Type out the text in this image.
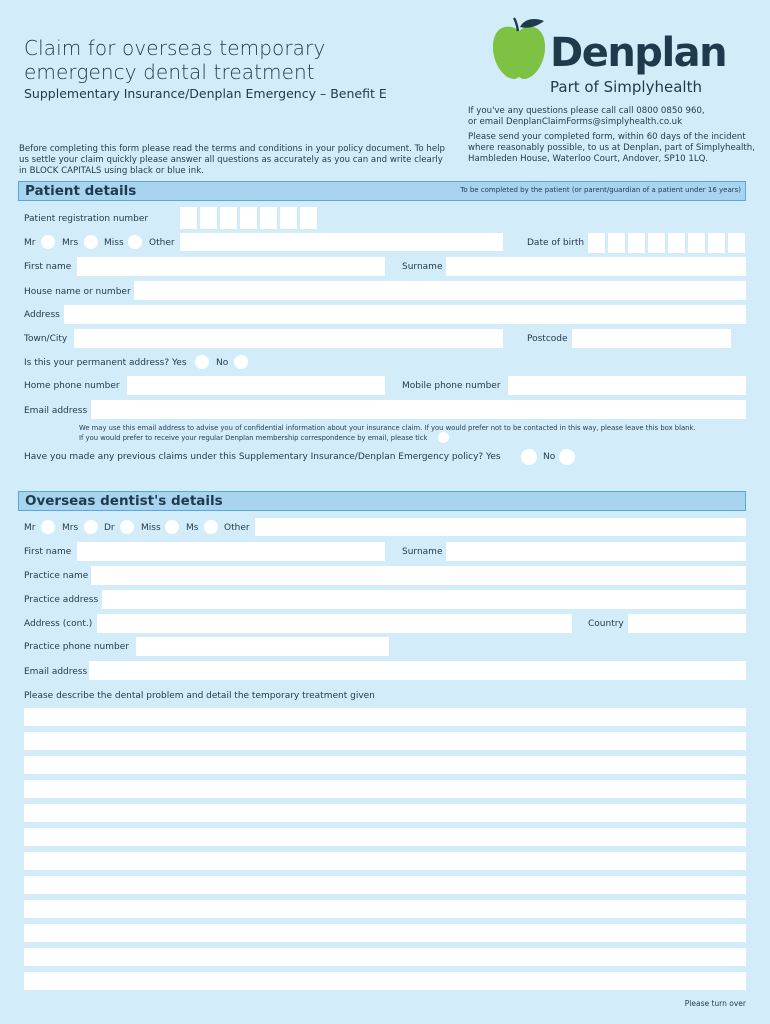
Claim for overseas temporary
emergency dental treatment
Supplementary Insurance/Denplan Emergency – Benefit E
Denplan
Part of Simplyhealth
If you've any questions please call call 0800 0850 960,
or email DenplanClaimForms@simplyhealth.co.uk
Please send your completed form, within 60 days of the incident where reasonably possible, to us at Denplan, part of Simplyhealth, Hambleden House, Waterloo Court, Andover, SP10 1LQ.
Before completing this form please read the terms and conditions in your policy document. To help us settle your claim quickly please answer all questions as accurately as you can and write clearly in BLOCK CAPITALS using black or blue ink.
Patient details	To be completed by the patient (or parent/guardian of a patient under 16 years)
Patient registration number
Mr	Mrs	Miss	Other	Date of birth
First name	Surname
House name or number
Address
Town/City	Postcode
Is this your permanent address? Yes	No
Home phone number	Mobile phone number
Email address
We may use this email address to advise you of confidential information about your insurance claim. If you would prefer not to be contacted in this way, please leave this box blank.
If you would prefer to receive your regular Denplan membership correspondence by email, please tick
Have you made any previous claims under this Supplementary Insurance/Denplan Emergency policy? Yes	No
Overseas dentist's details
Mr	Mrs	Dr	Miss	Ms	Other
First name	Surname
Practice name
Practice address
Address (cont.)	Country
Practice phone number
Email address
Please describe the dental problem and detail the temporary treatment given
Please turn over
